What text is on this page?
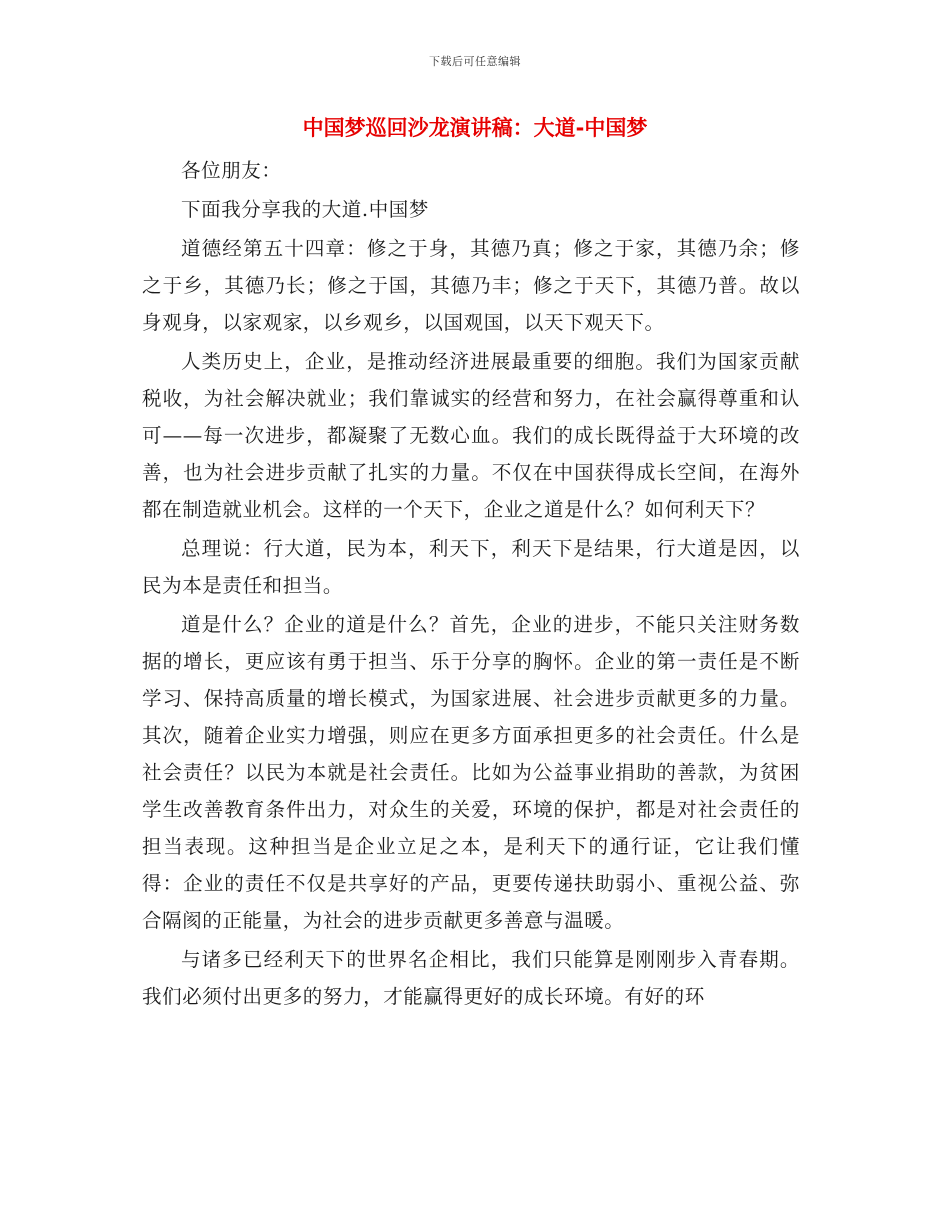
下载后可任意编辑
中国梦巡回沙龙演讲稿：大道-中国梦

各位朋友：

下面我分享我的大道.中国梦

道德经第五十四章：修之于身，其德乃真；修之于家，其德乃余；修之于乡，其德乃长；修之于国，其德乃丰；修之于天下，其德乃普。故以身观身，以家观家，以乡观乡，以国观国，以天下观天下。

人类历史上，企业，是推动经济进展最重要的细胞。我们为国家贡献税收，为社会解决就业；我们靠诚实的经营和努力，在社会赢得尊重和认可——每一次进步，都凝聚了无数心血。我们的成长既得益于大环境的改善，也为社会进步贡献了扎实的力量。不仅在中国获得成长空间，在海外都在制造就业机会。这样的一个天下，企业之道是什么？如何利天下？

总理说：行大道，民为本，利天下，利天下是结果，行大道是因，以民为本是责任和担当。

道是什么？企业的道是什么？首先，企业的进步，不能只关注财务数据的增长，更应该有勇于担当、乐于分享的胸怀。企业的第一责任是不断学习、保持高质量的增长模式，为国家进展、社会进步贡献更多的力量。其次，随着企业实力增强，则应在更多方面承担更多的社会责任。什么是社会责任？以民为本就是社会责任。比如为公益事业捐助的善款，为贫困学生改善教育条件出力，对众生的关爱，环境的保护，都是对社会责任的担当表现。这种担当是企业立足之本，是利天下的通行证，它让我们懂得：企业的责任不仅是共享好的产品，更要传递扶助弱小、重视公益、弥合隔阂的正能量，为社会的进步贡献更多善意与温暖。

与诸多已经利天下的世界名企相比，我们只能算是刚刚步入青春期。我们必须付出更多的努力，才能赢得更好的成长环境。有好的环
